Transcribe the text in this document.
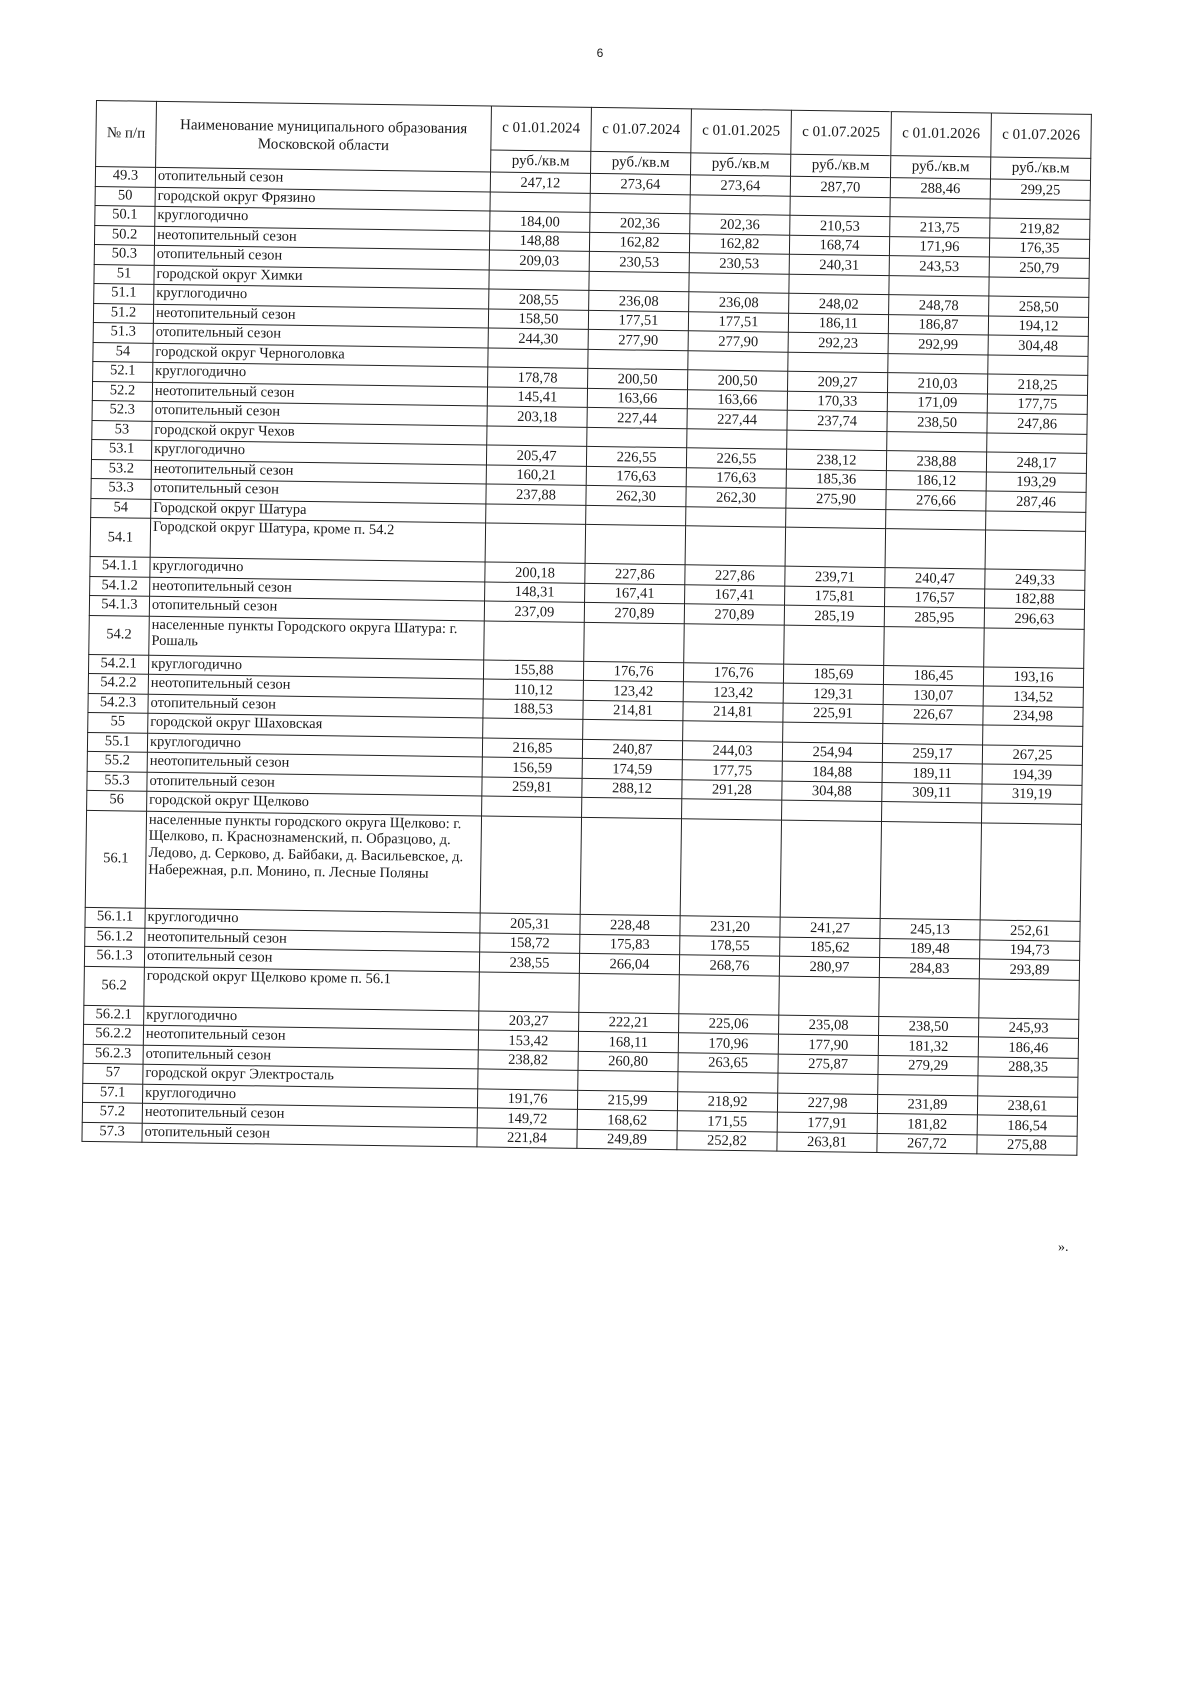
6
№ п/п	Наименование муниципального образования Московской области	с 01.01.2024	с 01.07.2024	с 01.01.2025	с 01.07.2025	с 01.01.2026	с 01.07.2026
		руб./кв.м	руб./кв.м	руб./кв.м	руб./кв.м	руб./кв.м	руб./кв.м
49.3	отопительный сезон	247,12	273,64	273,64	287,70	288,46	299,25
50	городской округ Фрязино						
50.1	круглогодично	184,00	202,36	202,36	210,53	213,75	219,82
50.2	неотопительный сезон	148,88	162,82	162,82	168,74	171,96	176,35
50.3	отопительный сезон	209,03	230,53	230,53	240,31	243,53	250,79
51	городской округ Химки						
51.1	круглогодично	208,55	236,08	236,08	248,02	248,78	258,50
51.2	неотопительный сезон	158,50	177,51	177,51	186,11	186,87	194,12
51.3	отопительный сезон	244,30	277,90	277,90	292,23	292,99	304,48
54	городской округ Черноголовка						
52.1	круглогодично	178,78	200,50	200,50	209,27	210,03	218,25
52.2	неотопительный сезон	145,41	163,66	163,66	170,33	171,09	177,75
52.3	отопительный сезон	203,18	227,44	227,44	237,74	238,50	247,86
53	городской округ Чехов						
53.1	круглогодично	205,47	226,55	226,55	238,12	238,88	248,17
53.2	неотопительный сезон	160,21	176,63	176,63	185,36	186,12	193,29
53.3	отопительный сезон	237,88	262,30	262,30	275,90	276,66	287,46
54	Городской округ Шатура						
54.1	Городской округ Шатура, кроме п. 54.2						
54.1.1	круглогодично	200,18	227,86	227,86	239,71	240,47	249,33
54.1.2	неотопительный сезон	148,31	167,41	167,41	175,81	176,57	182,88
54.1.3	отопительный сезон	237,09	270,89	270,89	285,19	285,95	296,63
54.2	населенные пункты Городского округа Шатура: г. Рошаль						
54.2.1	круглогодично	155,88	176,76	176,76	185,69	186,45	193,16
54.2.2	неотопительный сезон	110,12	123,42	123,42	129,31	130,07	134,52
54.2.3	отопительный сезон	188,53	214,81	214,81	225,91	226,67	234,98
55	городской округ Шаховская						
55.1	круглогодично	216,85	240,87	244,03	254,94	259,17	267,25
55.2	неотопительный сезон	156,59	174,59	177,75	184,88	189,11	194,39
55.3	отопительный сезон	259,81	288,12	291,28	304,88	309,11	319,19
56	городской округ Щелково						
56.1	населенные пункты городского округа Щелково: г. Щелково, п. Краснознаменский, п. Образцово, д. Ледово, д. Серково, д. Байбаки, д. Васильевское, д. Набережная, р.п. Монино, п. Лесные Поляны						
56.1.1	круглогодично	205,31	228,48	231,20	241,27	245,13	252,61
56.1.2	неотопительный сезон	158,72	175,83	178,55	185,62	189,48	194,73
56.1.3	отопительный сезон	238,55	266,04	268,76	280,97	284,83	293,89
56.2	городской округ Щелково кроме п. 56.1						
56.2.1	круглогодично	203,27	222,21	225,06	235,08	238,50	245,93
56.2.2	неотопительный сезон	153,42	168,11	170,96	177,90	181,32	186,46
56.2.3	отопительный сезон	238,82	260,80	263,65	275,87	279,29	288,35
57	городской округ Электросталь						
57.1	круглогодично	191,76	215,99	218,92	227,98	231,89	238,61
57.2	неотопительный сезон	149,72	168,62	171,55	177,91	181,82	186,54
57.3	отопительный сезон	221,84	249,89	252,82	263,81	267,72	275,88
».
